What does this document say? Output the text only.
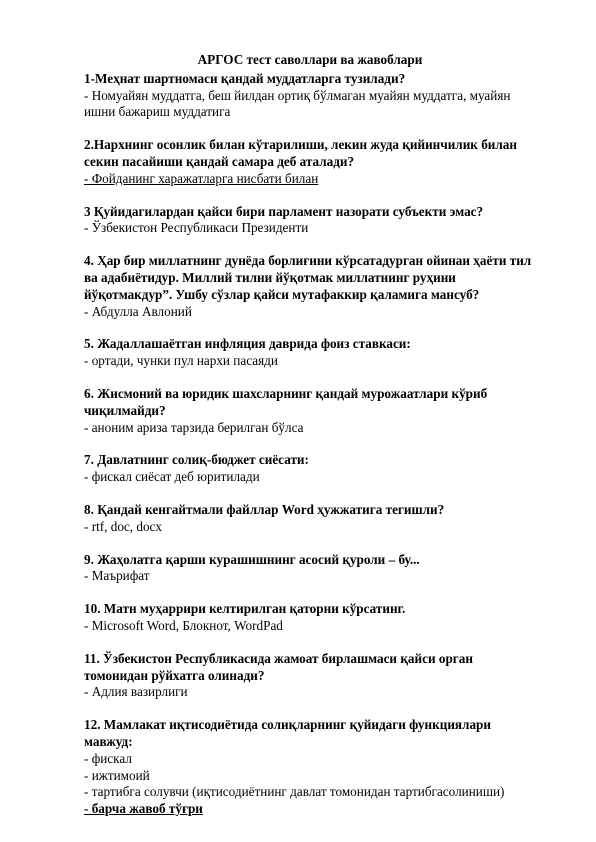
АРГОС тест саволлари ва жавоблари

1-Меҳнат шартномаси қандай муддатларга тузилади?

- Номуайян муддатга, беш йилдан ортиқ бўлмаган муайян муддатга, муайян ишни бажариш муддатига

2.Нархнинг осонлик билан кўтарилиши, лекин жуда қийинчилик билан секин пасайиши қандай самара деб аталади?

- Фойданинг харажатларга нисбати билан

3 Қуйидагилардан қайси бири парламент назорати субъекти эмас?

- Ўзбекистон Республикаси Президенти

4. Ҳар бир миллатнинг дунёда борлиғини кўрсатадурган ойинаи ҳаёти тил ва адабиётидур. Миллий тилни йўқотмак миллатнинг руҳини йўқотмакдур”. Ушбу сўзлар қайси мутафаккир қаламига мансуб?

- Абдулла Авлоний

5. Жадаллашаётган инфляция даврида фоиз ставкаси:

- ортади, чунки пул нархи пасаяди

6. Жисмоний ва юридик шахсларнинг қандай мурожаатлари кўриб чиқилмайди?

- аноним ариза тарзида берилган бўлса

7. Давлатнинг солиқ-бюджет сиёсати:

- фискал сиёсат деб юритилади

8. Қандай кенгайтмали файллар Word ҳужжатига тегишли?

- rtf, doc, docx

9. Жаҳолатга қарши курашишнинг асосий қуроли – бу...

- Маърифат

10. Матн муҳаррири келтирилган қаторни кўрсатинг.

- Microsoft Word, Блокнот, WordPad

11. Ўзбекистон Республикасида жамоат бирлашмаси қайси орган томонидан рўйхатга олинади?

- Адлия вазирлиги

12. Мамлакат иқтисодиётида солиқларнинг қуйидаги функциялари мавжуд:

- фискал

- ижтимоий

- тартибга солувчи (иқтисодиётнинг давлат томонидан тартибгасолиниши)

- барча жавоб тўғри
